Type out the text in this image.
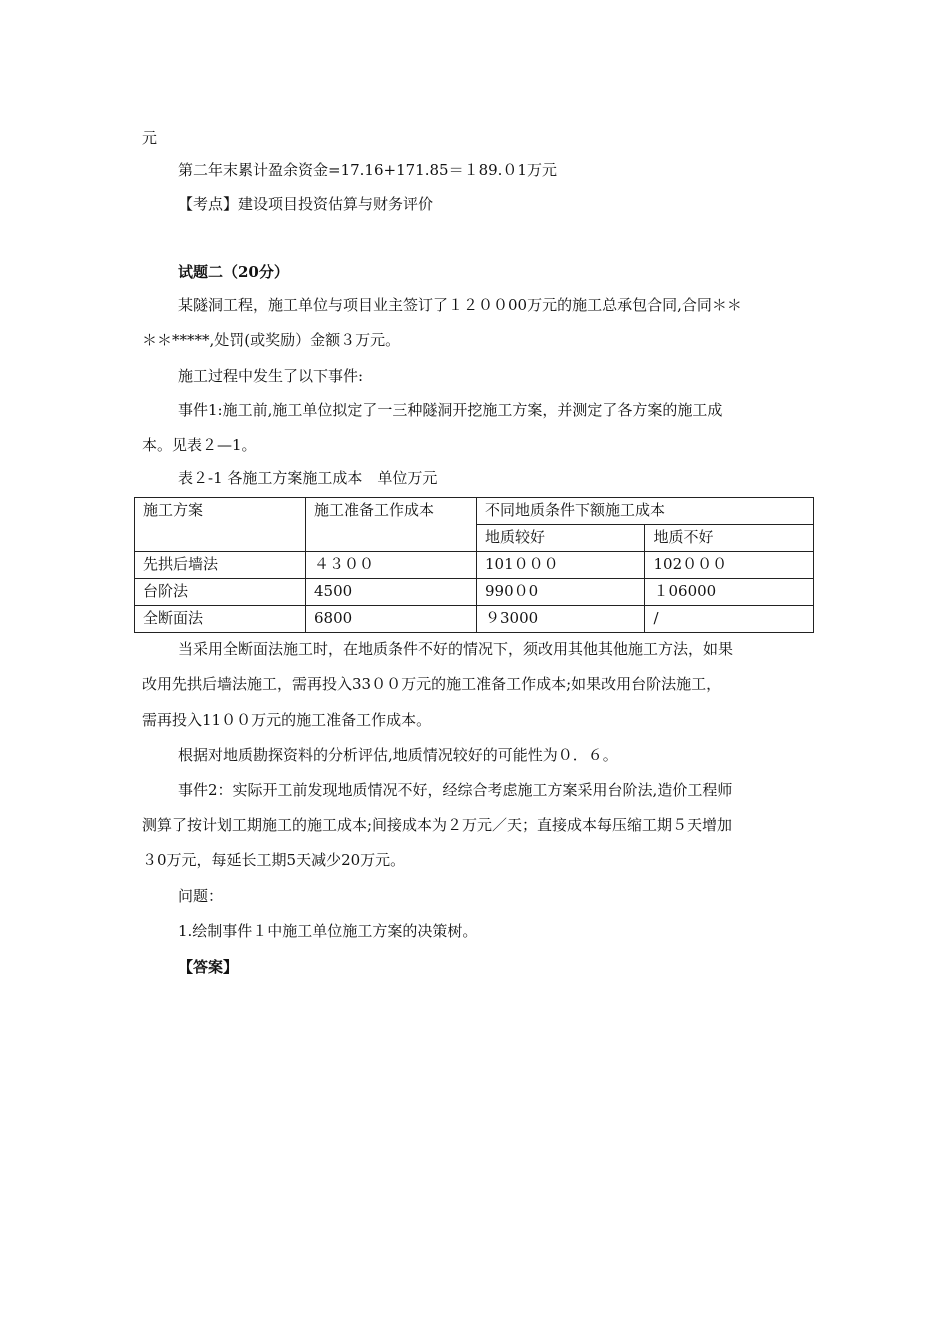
元
第二年末累计盈余资金=17.16+171.85＝１89.０1万元
【考点】建设项目投资估算与财务评价
试题二（20分）
某隧洞工程，施工单位与项目业主签订了１２００00万元的施工总承包合同,合同＊＊
＊＊*****,处罚(或奖励）金额３万元。
施工过程中发生了以下事件:
事件1:施工前,施工单位拟定了一三种隧洞开挖施工方案，并测定了各方案的施工成
本。见表２—1。
表２-1 各施工方案施工成本　单位万元
施工方案	施工准备工作成本	不同地质条件下额施工成本	
		地质较好	地质不好
先拱后墙法	４３００	101０００	102０００
台阶法	4500	990０0	１06000
全断面法	6800	９3000	/
当采用全断面法施工时，在地质条件不好的情况下，须改用其他其他施工方法，如果
改用先拱后墙法施工，需再投入33００万元的施工准备工作成本;如果改用台阶法施工，
需再投入11００万元的施工准备工作成本。
根据对地质勘探资料的分析评估,地质情况较好的可能性为０．６。
事件2：实际开工前发现地质情况不好，经综合考虑施工方案采用台阶法,造价工程师
测算了按计划工期施工的施工成本;间接成本为２万元／天；直接成本每压缩工期５天增加
３0万元，每延长工期5天减少20万元。
问题：
1.绘制事件１中施工单位施工方案的决策树。
【答案】
